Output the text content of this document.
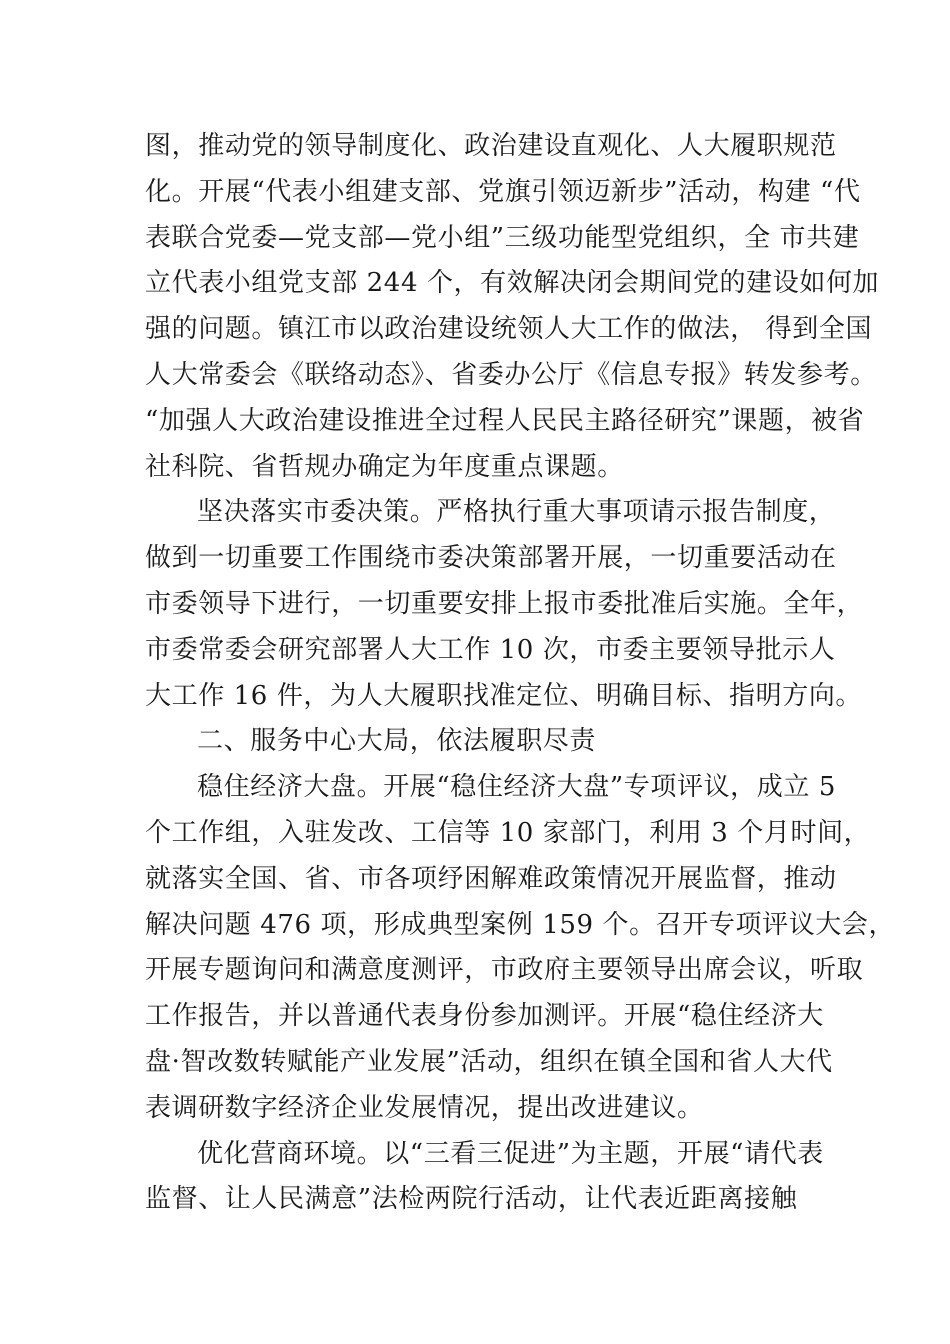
图，推动党的领导制度化、政治建设直观化、人大履职规范
化。开展“代表小组建支部、党旗引领迈新步”活动，构建 “代
表联合党委—党支部—党小组”三级功能型党组织，全 市共建
立代表小组党支部 244 个，有效解决闭会期间党的建设如何加
强的问题。镇江市以政治建设统领人大工作的做法， 得到全国
人大常委会《联络动态》、省委办公厅《信息专报》转发参考。
“加强人大政治建设推进全过程人民民主路径研究”课题，被省
社科院、省哲规办确定为年度重点课题。
坚决落实市委决策。严格执行重大事项请示报告制度，
做到一切重要工作围绕市委决策部署开展，一切重要活动在
市委领导下进行，一切重要安排上报市委批准后实施。全年，
市委常委会研究部署人大工作 10 次，市委主要领导批示人
大工作 16 件，为人大履职找准定位、明确目标、指明方向。
二、服务中心大局，依法履职尽责
稳住经济大盘。开展“稳住经济大盘”专项评议，成立 5
个工作组，入驻发改、工信等 10 家部门，利用 3 个月时间，
就落实全国、省、市各项纾困解难政策情况开展监督，推动
解决问题 476 项，形成典型案例 159 个。召开专项评议大会，
开展专题询问和满意度测评，市政府主要领导出席会议，听取
工作报告，并以普通代表身份参加测评。开展“稳住经济大
盘·智改数转赋能产业发展”活动，组织在镇全国和省人大代
表调研数字经济企业发展情况，提出改进建议。
优化营商环境。以“三看三促进”为主题，开展“请代表
监督、让人民满意”法检两院行活动，让代表近距离接触
